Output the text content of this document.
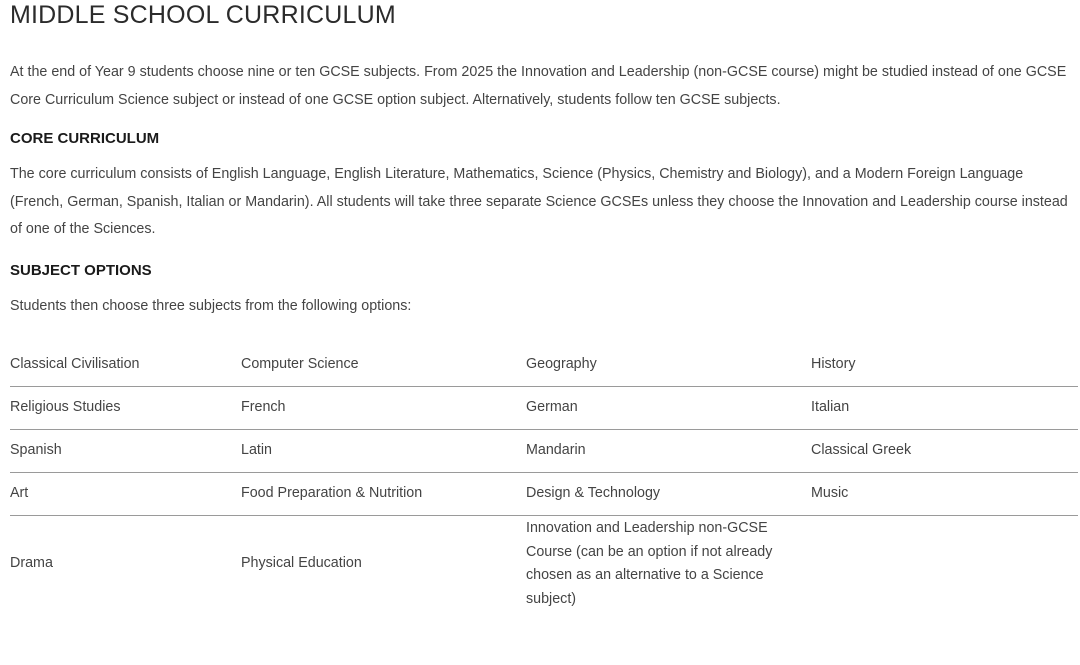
MIDDLE SCHOOL CURRICULUM

At the end of Year 9 students choose nine or ten GCSE subjects. From 2025 the Innovation and Leadership (non-GCSE course) might be studied instead of one GCSE Core Curriculum Science subject or instead of one GCSE option subject. Alternatively, students follow ten GCSE subjects.

CORE CURRICULUM

The core curriculum consists of English Language, English Literature, Mathematics, Science (Physics, Chemistry and Biology), and a Modern Foreign Language (French, German, Spanish, Italian or Mandarin). All students will take three separate Science GCSEs unless they choose the Innovation and Leadership course instead of one of the Sciences.

SUBJECT OPTIONS

Students then choose three subjects from the following options:

Classical Civilisation	Computer Science	Geography	History
Religious Studies	French	German	Italian
Spanish	Latin	Mandarin	Classical Greek
Art	Food Preparation & Nutrition	Design & Technology	Music
Drama	Physical Education	Innovation and Leadership non-GCSE Course (can be an option if not already chosen as an alternative to a Science subject)	
